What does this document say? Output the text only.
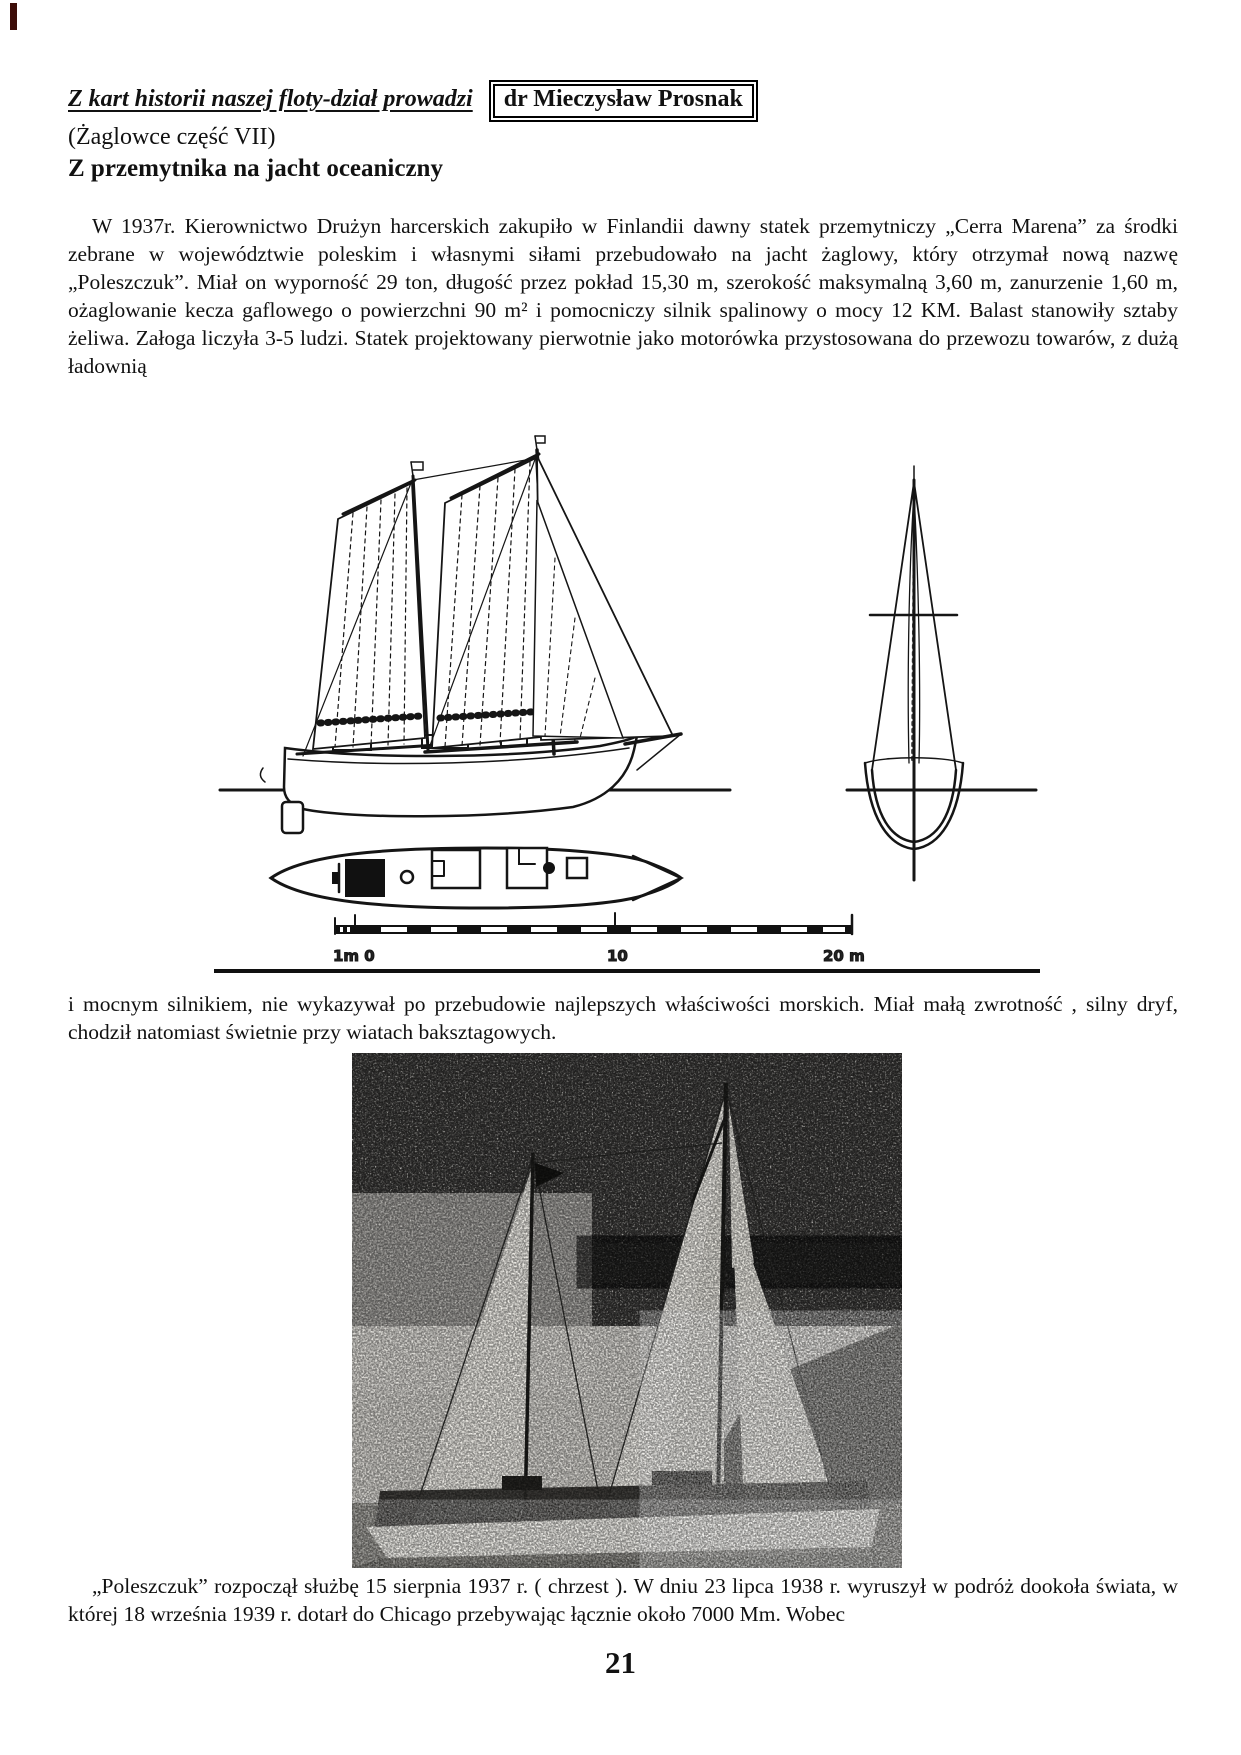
Z kart historii naszej floty-dział prowadzi dr Mieczysław Prosnak
(Żaglowce część VII)
Z przemytnika na jacht oceaniczny

W 1937r. Kierownictwo Drużyn harcerskich zakupiło w Finlandii dawny statek przemytniczy „Cerra Marena” za środki zebrane w województwie poleskim i własnymi siłami przebudowało na jacht żaglowy, który otrzymał nową nazwę „Poleszczuk”. Miał on wyporność 29 ton, długość przez pokład 15,30 m, szerokość maksymalną 3,60 m, zanurzenie 1,60 m, ożaglowanie kecza gaflowego o powierzchni 90 m² i pomocniczy silnik spalinowy o mocy 12 KM. Balast stanowiły sztaby żeliwa. Załoga liczyła 3-5 ludzi. Statek projektowany pierwotnie jako motorówka przystosowana do przewozu towarów, z dużą ładownią

1m 0	10	20 m

i mocnym silnikiem, nie wykazywał po przebudowie najlepszych właściwości morskich. Miał małą zwrotność , silny dryf, chodził natomiast świetnie przy wiatach baksztagowych.

„Poleszczuk” rozpoczął służbę 15 sierpnia 1937 r. ( chrzest ). W dniu 23 lipca 1938 r. wyruszył w podróż dookoła świata, w której 18 września 1939 r. dotarł do Chicago przebywając łącznie około 7000 Mm. Wobec

21
